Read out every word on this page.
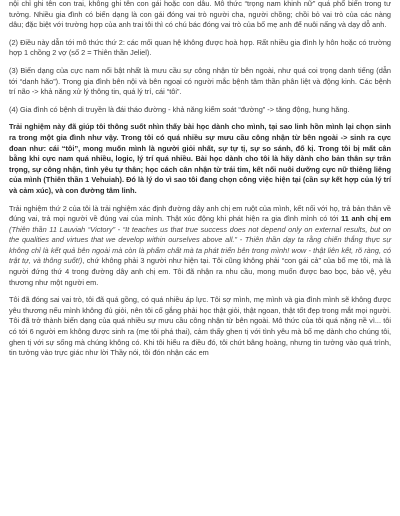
nội chỉ ghi tên con trai, không ghi tên con gái hoặc con dâu. Mô thức “trọng nam khinh nữ” quá phổ biến trong tư tưởng. Nhiều gia đình có biến dạng là con gái đóng vai trò người cha, người chồng; chồi bỏ vai trò của các nàng dâu; đặc biệt với trường hợp của anh trai tôi thì có chú bác đóng vai trò của bố mẹ anh để nuôi nấng và dạy dỗ anh.

(2) Điều này dẫn tới mô thức thứ 2: các mối quan hệ không được hoà hợp. Rất nhiều gia đình ly hôn hoặc có trường hợp 1 chồng 2 vợ (số 2 = Thiên thần Jeliel).

(3) Biến dạng của cực nam nổi bật nhất là mưu cầu sự công nhận từ bên ngoài, như quá coi trọng danh tiếng (dẫn tới “danh hão”). Trong gia đình bên nội và bên ngoại có người mắc bệnh tâm thần phân liệt và động kinh. Các bệnh trí não -> khả năng xử lý thông tin, quá lý trí, cái “tôi”.

(4) Gia đình có bệnh di truyền là đái tháo đường - khả năng kiểm soát “đường” -> tăng động, hung hăng.

Trải nghiệm này đã giúp tôi thông suốt nhìn thấy bài học dành cho mình, tại sao linh hồn mình lại chọn sinh ra trong một gia đình như vậy. Trong tôi có quá nhiều sự mưu cầu công nhận từ bên ngoài -> sinh ra cực đoan như: cái “tôi”, mong muốn mình là người giỏi nhất, sự tự tị, sự so sánh, đố kị. Trong tôi bị mất cân bằng khi cực nam quá nhiều, logic, lý trí quá nhiều. Bài học dành cho tôi là hãy dành cho bản thân sự trân trọng, sự công nhận, tình yêu tự thân; học cách cân nhận từ trái tim, kết nối nuôi dưỡng cực nữ thiêng liêng của mình (Thiên thần 1 Vehuiah). Đó là lý do vì sao tôi đang chọn công việc hiện tại (cần sự kết hợp của lý trí và cảm xúc), và con đường tâm linh.

Trải nghiệm thứ 2 của tôi là trải nghiệm xác định đường dây anh chị em ruột của mình, kết nối với họ, trả bản thân về đúng vai, trả mọi người về đúng vai của mình. Thật xúc động khi phát hiện ra gia đình mình có tới 11 anh chị em (Thiên thần 11 Lauviah “Victory” - “It teaches us that true success does not depend only on external results, but on the qualities and virtues that we develop within ourselves above all.” - Thiên thần dạy ta rằng chiến thắng thực sự không chỉ là kết quả bên ngoài mà còn là phẩm chất mà ta phát triển bên trong mình! wow - thật liên kết, rõ ràng, có trật tự, và thông suốt!), chứ không phải 3 người như hiện tại. Tôi cũng không phải “con gái cả” của bố mẹ tôi, mà là người đứng thứ 4 trong đường dây anh chị em. Tôi đã nhận ra nhu cầu, mong muốn được bao bọc, bảo vệ, yêu thương như một người em.

Tôi đã đóng sai vai trò, tôi đã quá gồng, có quá nhiều áp lực. Tôi sợ mình, mẹ mình và gia đình mình sẽ không được yêu thương nếu mình không đủ giỏi, nên tôi cố gắng phải học thật giỏi, thật ngoan, thật tốt đẹp trong mắt mọi người. Tôi đã trở thành biến dạng của quá nhiều sự mưu cầu công nhận từ bên ngoài. Mô thức của tôi quá nặng nề vì... tôi có tới 6 người em không được sinh ra (mẹ tôi phá thai), cảm thấy ghen tị với tình yêu mà bố mẹ dành cho chúng tôi, ghen tị với sự sống mà chúng không có. Khi tôi hiểu ra điều đó, tôi chứt bâng hoàng, nhưng tin tưởng vào quá trình, tin tưởng vào trực giác như lời Thầy nói, tôi đón nhận các em
